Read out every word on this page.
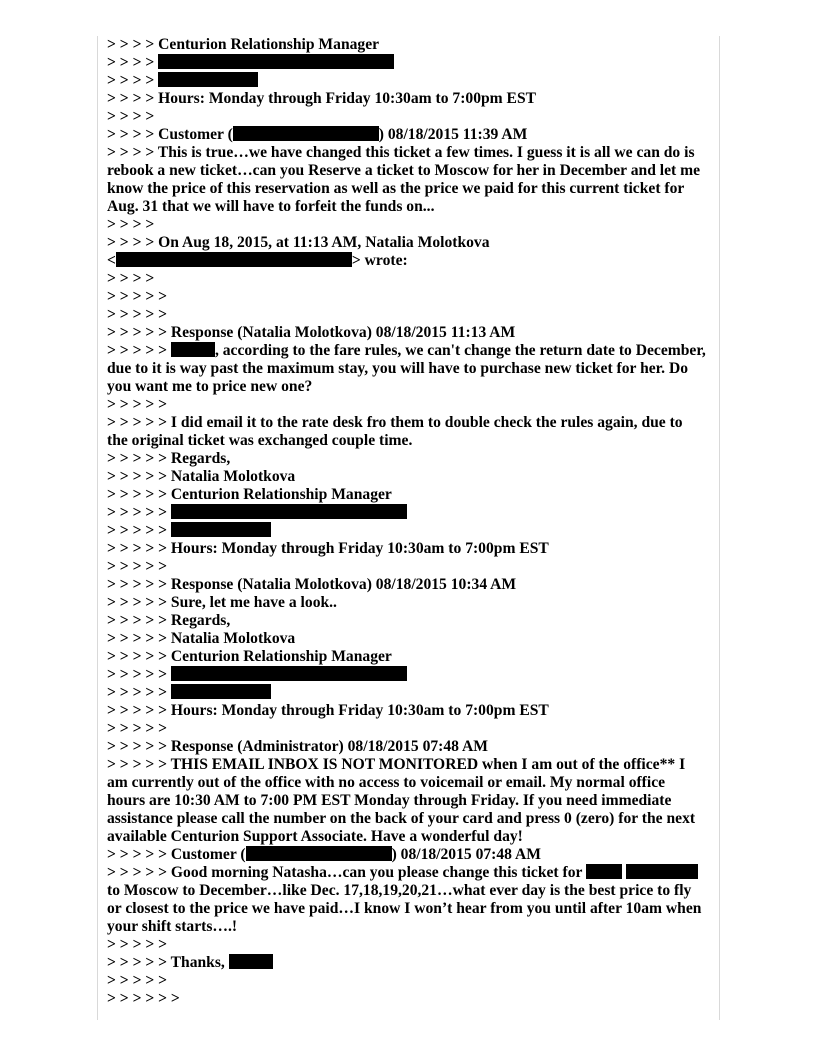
> > > > Centurion Relationship Manager
> > > >
> > > >
> > > > Hours: Monday through Friday 10:30am to 7:00pm EST
> > > >
> > > > Customer (	) 08/18/2015 11:39 AM
> > > > This is true…we have changed this ticket a few times. I guess it is all we can do is rebook a new ticket…can you Reserve a ticket to Moscow for her in December and let me know the price of this reservation as well as the price we paid for this current ticket for Aug. 31 that we will have to forfeit the funds on...
> > > >
> > > > On Aug 18, 2015, at 11:13 AM, Natalia Molotkova
<	> wrote:
> > > >
> > > > >
> > > > >
> > > > > Response (Natalia Molotkova) 08/18/2015 11:13 AM
> > > > >	, according to the fare rules, we can't change the return date to December, due to it is way past the maximum stay, you will have to purchase new ticket for her. Do you want me to price new one?
> > > > >
> > > > > I did email it to the rate desk fro them to double check the rules again, due to the original ticket was exchanged couple time.
> > > > > Regards,
> > > > > Natalia Molotkova
> > > > > Centurion Relationship Manager
> > > > >
> > > > >
> > > > > Hours: Monday through Friday 10:30am to 7:00pm EST
> > > > >
> > > > > Response (Natalia Molotkova) 08/18/2015 10:34 AM
> > > > > Sure, let me have a look..
> > > > > Regards,
> > > > > Natalia Molotkova
> > > > > Centurion Relationship Manager
> > > > >
> > > > >
> > > > > Hours: Monday through Friday 10:30am to 7:00pm EST
> > > > >
> > > > > Response (Administrator) 08/18/2015 07:48 AM
> > > > > THIS EMAIL INBOX IS NOT MONITORED when I am out of the office** I am currently out of the office with no access to voicemail or email. My normal office hours are 10:30 AM to 7:00 PM EST Monday through Friday. If you need immediate assistance please call the number on the back of your card and press 0 (zero) for the next available Centurion Support Associate. Have a wonderful day!
> > > > > Customer (	) 08/18/2015 07:48 AM
> > > > > Good morning Natasha…can you please change this ticket for   to Moscow to December…like Dec. 17,18,19,20,21…what ever day is the best price to fly or closest to the price we have paid…I know I won’t hear from you until after 10am when your shift starts….!
> > > > >
> > > > > Thanks,
> > > > >
> > > > > >
